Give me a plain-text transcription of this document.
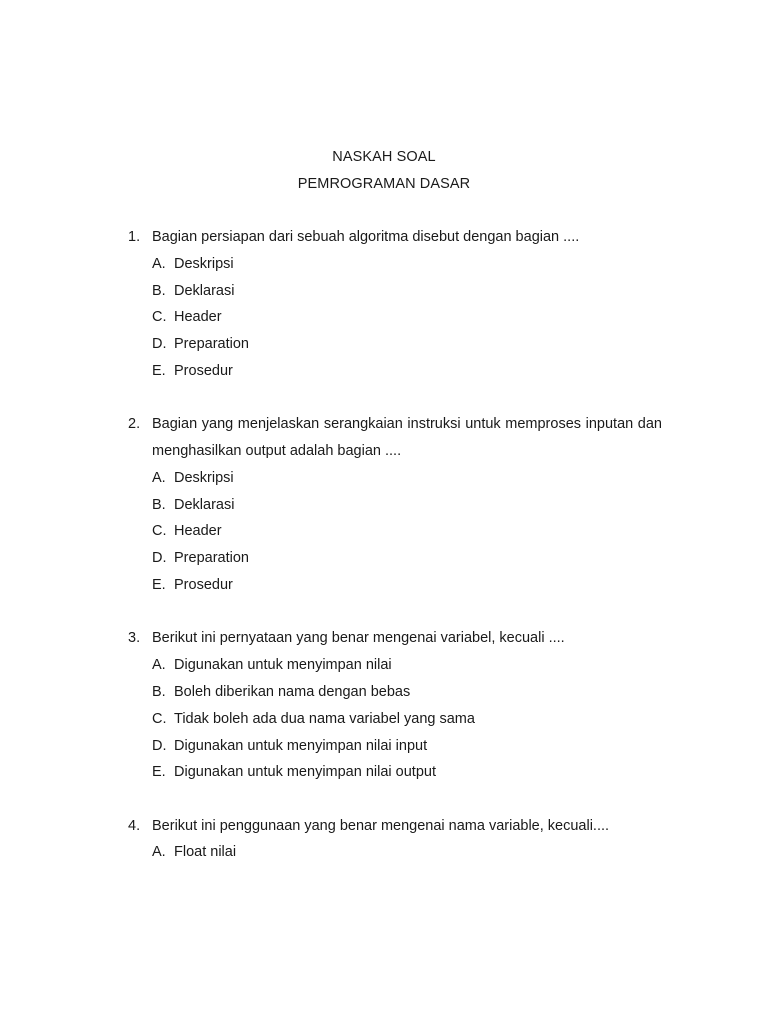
NASKAH SOAL
PEMROGRAMAN DASAR
1. Bagian persiapan dari sebuah algoritma disebut dengan bagian ....
A. Deskripsi
B. Deklarasi
C. Header
D. Preparation
E. Prosedur
2. Bagian yang menjelaskan serangkaian instruksi untuk memproses inputan dan menghasilkan output adalah bagian ....
A. Deskripsi
B. Deklarasi
C. Header
D. Preparation
E. Prosedur
3. Berikut ini pernyataan yang benar mengenai variabel, kecuali ....
A. Digunakan untuk menyimpan nilai
B. Boleh diberikan nama dengan bebas
C. Tidak boleh ada dua nama variabel yang sama
D. Digunakan untuk menyimpan nilai input
E. Digunakan untuk menyimpan nilai output
4. Berikut ini penggunaan yang benar mengenai nama variable, kecuali....
A. Float nilai
